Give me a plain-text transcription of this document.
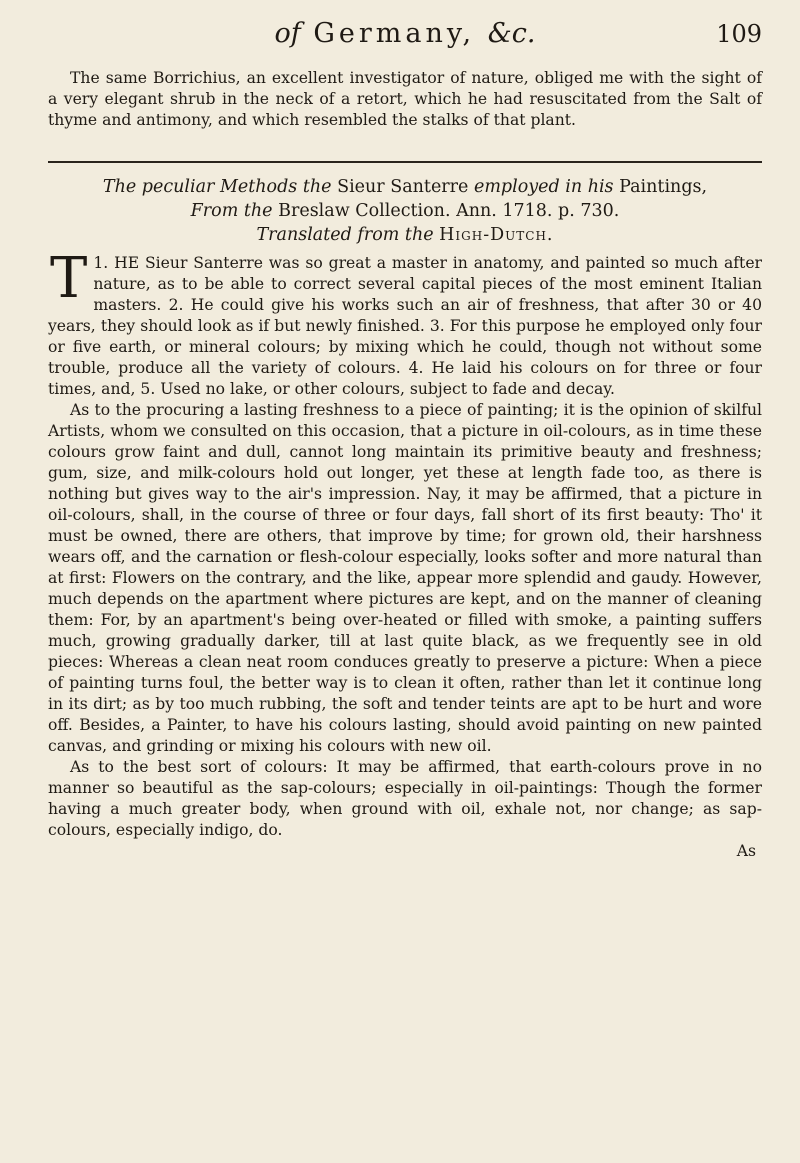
of Germany, &c.	109

The same Borrichius, an excellent investigator of nature, obliged me with the sight of a very elegant shrub in the neck of a retort, which he had resuscitated from the Salt of thyme and antimony, and which resembled the stalks of that plant.

The peculiar Methods the Sieur Santerre employed in his Paintings,
From the Breslaw Collection. Ann. 1718. p. 730.
Translated from the High-Dutch.

1.
T	HE Sieur Santerre was so great a master in anatomy, and painted so much after nature, as to be able to correct several capital pieces of the most eminent Italian masters. 2. He could give his works such an air of freshness, that after 30 or 40 years, they should look as if but newly finished. 3. For this purpose he employed only four or five earth, or mineral colours; by mixing which he could, though not without some trouble, produce all the variety of colours. 4. He laid his colours on for three or four times, and, 5. Used no lake, or other colours, subject to fade and decay.

As to the procuring a lasting freshness to a piece of painting; it is the opinion of skilful Artists, whom we consulted on this occasion, that a picture in oil-colours, as in time these colours grow faint and dull, cannot long maintain its primitive beauty and freshness; gum, size, and milk-colours hold out longer, yet these at length fade too, as there is nothing but gives way to the air's impression. Nay, it may be affirmed, that a picture in oil-colours, shall, in the course of three or four days, fall short of its first beauty: Tho' it must be owned, there are others, that improve by time; for grown old, their harshness wears off, and the carnation or flesh-colour especially, looks softer and more natural than at first: Flowers on the contrary, and the like, appear more splendid and gaudy. However, much depends on the apartment where pictures are kept, and on the manner of cleaning them: For, by an apartment's being over-heated or filled with smoke, a painting suffers much, growing gradually darker, till at last quite black, as we frequently see in old pieces: Whereas a clean neat room conduces greatly to preserve a picture: When a piece of painting turns foul, the better way is to clean it often, rather than let it continue long in its dirt; as by too much rubbing, the soft and tender teints are apt to be hurt and wore off. Besides, a Painter, to have his colours lasting, should avoid painting on new painted canvas, and grinding or mixing his colours with new oil.

As to the best sort of colours: It may be affirmed, that earth-colours prove in no manner so beautiful as the sap-colours; especially in oil-paintings: Though the former having a much greater body, when ground with oil, exhale not, nor change; as sap-colours, especially indigo, do.

As
